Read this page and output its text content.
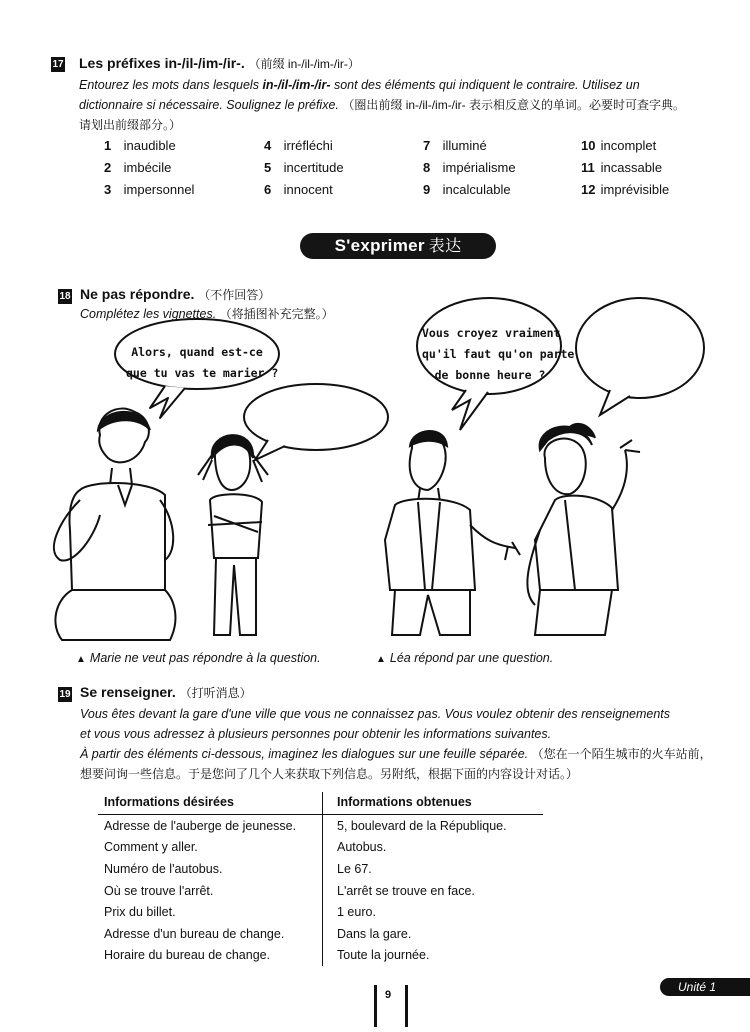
17 Les préfixes in-/il-/im-/ir-. （前缀 in-/il-/im-/ir-）
Entourez les mots dans lesquels in-/il-/im-/ir- sont des éléments qui indiquent le contraire. Utilisez un
dictionnaire si nécessaire. Soulignez le préfixe. （圈出前缀 in-/il-/im-/ir- 表示相反意义的单词。必要时可查字典。
请划出前缀部分。）
1 inaudible
2 imbécile
3 impersonnel
4 irréfléchi
5 incertitude
6 innocent
7 illuminé
8 impérialisme
9 incalculable
10 incomplet
11 incassable
12 imprévisible
S'exprimer 表达
18 Ne pas répondre. （不作回答）
Complétez les vignettes. （将插图补充完整。）
Alors, quand est-ce
que tu vas te marier ?
Vous croyez vraiment
qu'il faut qu'on parte
de bonne heure ?
▲ Marie ne veut pas répondre à la question.	▲ Léa répond par une question.
19 Se renseigner. （打听消息）
Vous êtes devant la gare d'une ville que vous ne connaissez pas. Vous voulez obtenir des renseignements
et vous vous adressez à plusieurs personnes pour obtenir les informations suivantes.
À partir des éléments ci-dessous, imaginez les dialogues sur une feuille séparée. （您在一个陌生城市的火车站前，
想要问询一些信息。于是您问了几个人来获取下列信息。另附纸，根据下面的内容设计对话。）
Informations désirées	Informations obtenues
Adresse de l'auberge de jeunesse.	5, boulevard de la République.
Comment y aller.	Autobus.
Numéro de l'autobus.	Le 67.
Où se trouve l'arrêt.	L'arrêt se trouve en face.
Prix du billet.	1 euro.
Adresse d'un bureau de change.	Dans la gare.
Horaire du bureau de change.	Toute la journée.
9
Unité 1
